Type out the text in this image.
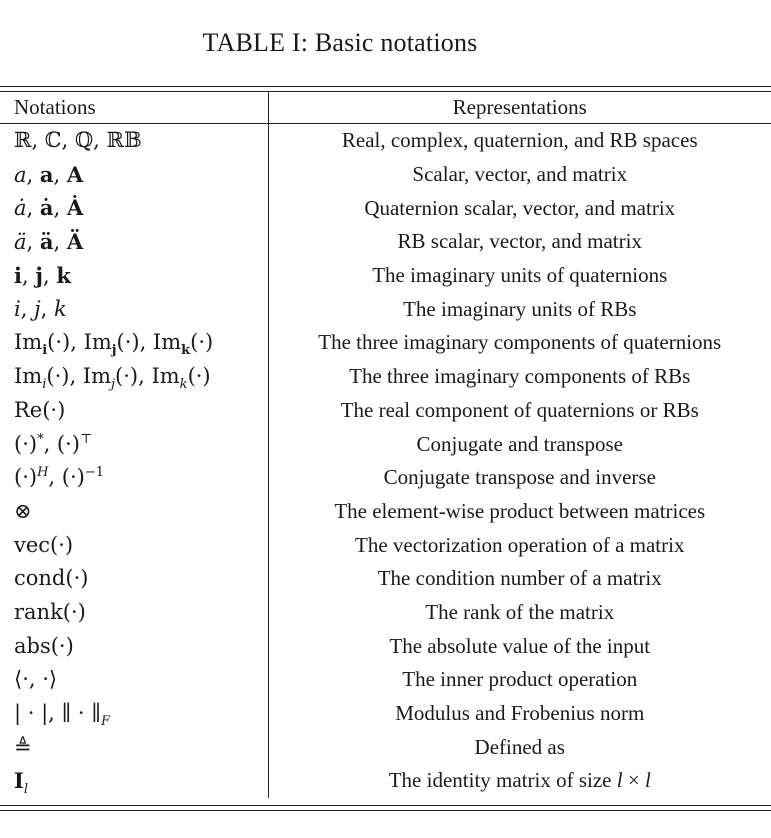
TABLE I: Basic notations
Notations	Representations
ℝ, ℂ, ℚ, ℝ𝔹	Real, complex, quaternion, and RB spaces
a, a, A	Scalar, vector, and matrix
ȧ, ȧ, Ȧ	Quaternion scalar, vector, and matrix
ä, ä, Ä	RB scalar, vector, and matrix
i, j, k	The imaginary units of quaternions
i, j, k	The imaginary units of RBs
$Im_i(\cdot)$, $Im_j(\cdot)$, $Im_k(\cdot)$	The three imaginary components of quaternions
$Im_i(\cdot)$, $Im_j(\cdot)$, $Im_k(\cdot)$	The three imaginary components of RBs
Re(·)	The real component of quaternions or RBs
(·)*, (·)⊤	Conjugate and transpose
$(\cdot)^H$, $(\cdot)^{-1}$	Conjugate transpose and inverse
⊗	The element-wise product between matrices
vec(·)	The vectorization operation of a matrix
cond(·)	The condition number of a matrix
rank(·)	The rank of the matrix
abs(·)	The absolute value of the input
⟨·, ·⟩	The inner product operation
| · |, ∥ · $\parallel_F$	Modulus and Frobenius norm
≜	Defined as
$I_l$	The identity matrix of size l × l
